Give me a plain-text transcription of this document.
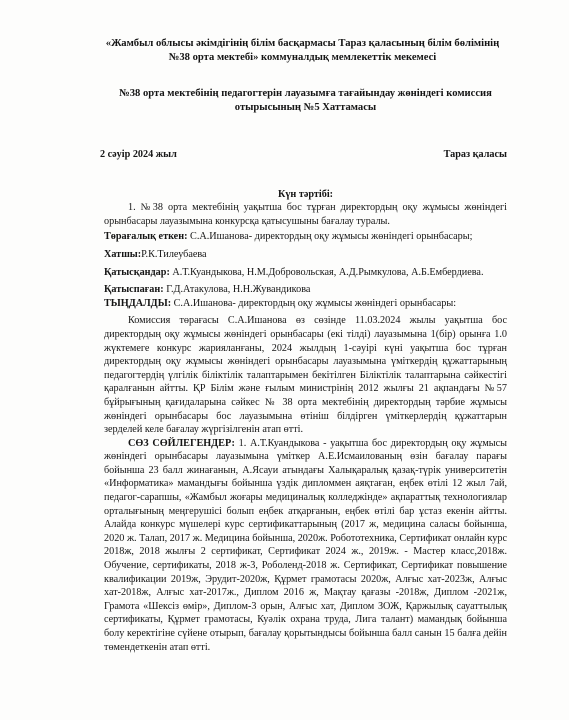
«Жамбыл облысы әкімдігінің білім басқармасы Тараз қаласының білім бөлімінің №38 орта мектебі» коммуналдық мемлекеттік мекемесі
№38 орта мектебінің педагогтерін лауазымға тағайындау жөніндегі комиссия отырысының №5 Хаттамасы
2 сәуір 2024 жыл	Тараз қаласы
Күн тәртібі:

1. №38 орта мектебінің уақытша бос тұрған директордың оқу жұмысы жөніндегі орынбасары лауазымына конкурсқа қатысушыны бағалау туралы.

Төрағалық еткен: С.А.Ишанова- директордың оқу жұмысы жөніндегі орынбасары;

Хатшы:Р.К.Тилеубаева

Қатысқандар: А.Т.Куандыкова, Н.М.Добровольская, А.Д.Рымкулова, А.Б.Ембердиева.

Қатыспаған: Г.Д.Атакулова, Н.Н.Жувандикова

ТЫҢДАЛДЫ: С.А.Ишанова- директордың оқу жұмысы жөніндегі орынбасары:

Комиссия төрағасы С.А.Ишанова өз сөзінде 11.03.2024 жылы уақытша бос директордың оқу жұмысы жөніндегі орынбасары (екі тілді) лауазымына 1(бір) орынға 1.0 жүктемеге конкурс жарияланғаны, 2024 жылдың 1-сәуірі күні уақытша бос тұрған директордың оқу жұмысы жөніндегі орынбасары лауазымына үміткердің құжаттарының педагогтердің үлгілік біліктілік талаптарымен бекітілген Біліктілік талаптарына сәйкестігі қаралғанын айтты. ҚР Білім және ғылым министрінің 2012 жылғы 21 ақпандағы №57 бұйрығының қағидаларына сәйкес № 38 орта мектебінің директордың тәрбие жұмысы жөніндегі орынбасары бос лауазымына өтініш білдірген үміткерлердің құжаттарын зерделей келе бағалау жүргізілгенін атап өтті.

СӨЗ СӨЙЛЕГЕНДЕР: 1. А.Т.Куандыкова - уақытша бос директордың оқу жұмысы жөніндегі орынбасары лауазымына үміткер А.Е.Исмаилованың өзін бағалау парағы бойынша 23 балл жинағанын, А.Ясауи атындағы Халықаралық қазақ-түрік университетін «Информатика» мамандығы бойынша үздік дипломмен аяқтаған, еңбек өтілі 12 жыл 7ай, педагог-сарапшы, «Жамбыл жоғары медициналық колледжінде» ақпараттық технологиялар орталығының меңгерушісі болып еңбек атқарғанын, еңбек өтілі бар ұстаз екенін айтты. Алайда конкурс мүшелері курс сертификаттарының (2017 ж, медицина саласы бойынша, 2020 ж. Талап, 2017 ж. Медицина бойынша, 2020ж. Робототехника, Сертификат онлайн курс 2018ж, 2018 жылғы 2 сертификат, Сертификат 2024 ж., 2019ж. - Мастер класс,2018ж. Обучение, сертификаты, 2018 ж-3, Роболенд-2018 ж. Сертификат, Сертификат повышение квалификации 2019ж, Эрудит-2020ж, Құрмет грамотасы 2020ж, Алғыс хат-2023ж, Алғыс хат-2018ж, Алғыс хат-2017ж., Диплом 2016 ж, Мақтау қағазы -2018ж, Диплом -2021ж, Грамота «Шексіз өмір», Диплом-3 орын, Алғыс хат, Диплом ЗОЖ, Қаржылық сауаттылық сертификаты, Құрмет грамотасы, Куәлік охрана труда, Лига талант) мамандық бойынша болу керектігіне сүйене отырып, бағалау қорытындысы бойынша балл санын 15 балға дейін төмендеткенін атап өтті.
